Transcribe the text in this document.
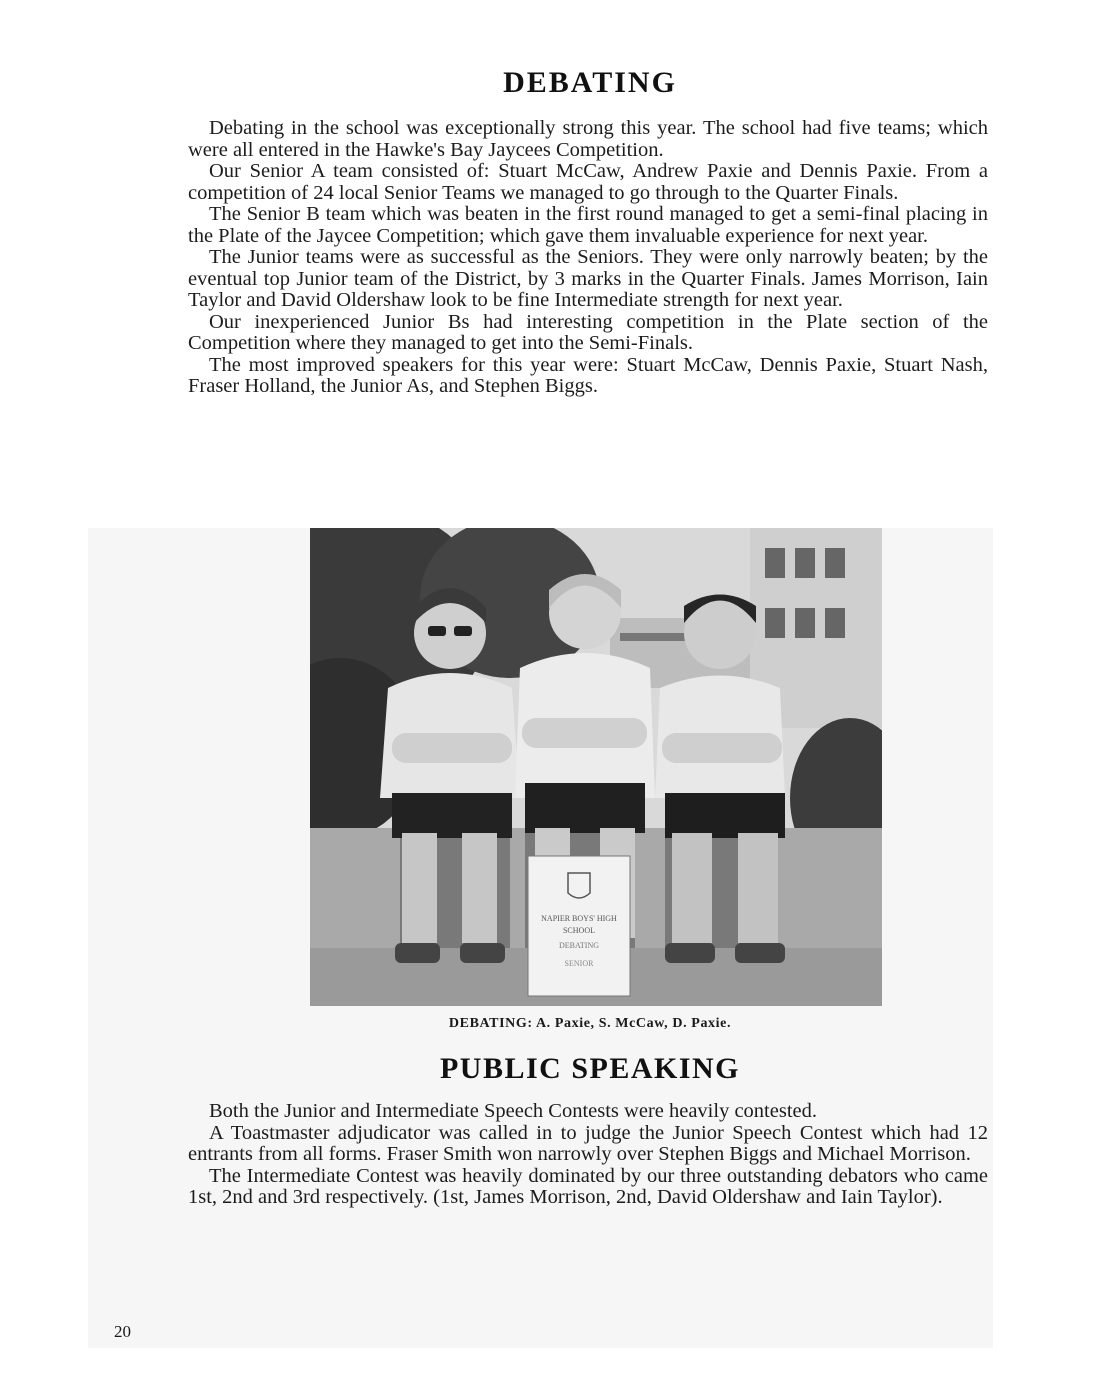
DEBATING

Debating in the school was exceptionally strong this year. The school had five teams; which were all entered in the Hawke's Bay Jaycees Competition.

Our Senior A team consisted of: Stuart McCaw, Andrew Paxie and Dennis Paxie. From a competition of 24 local Senior Teams we managed to go through to the Quarter Finals.

The Senior B team which was beaten in the first round managed to get a semi-final placing in the Plate of the Jaycee Competition; which gave them invaluable experience for next year.

The Junior teams were as successful as the Seniors. They were only narrowly beaten; by the eventual top Junior team of the District, by 3 marks in the Quarter Finals. James Morrison, Iain Taylor and David Oldershaw look to be fine Intermediate strength for next year.

Our inexperienced Junior Bs had interesting competition in the Plate section of the Competition where they managed to get into the Semi-Finals.

The most improved speakers for this year were: Stuart McCaw, Dennis Paxie, Stuart Nash, Fraser Holland, the Junior As, and Stephen Biggs.

NAPIER BOYS' HIGH
SCHOOL
DEBATING
SENIOR
DEBATING: A. Paxie, S. McCaw, D. Paxie.
PUBLIC SPEAKING

Both the Junior and Intermediate Speech Contests were heavily contested.

A Toastmaster adjudicator was called in to judge the Junior Speech Contest which had 12 entrants from all forms. Fraser Smith won narrowly over Stephen Biggs and Michael Morrison.

The Intermediate Contest was heavily dominated by our three outstanding debators who came 1st, 2nd and 3rd respectively. (1st, James Morrison, 2nd, David Oldershaw and Iain Taylor).

20
